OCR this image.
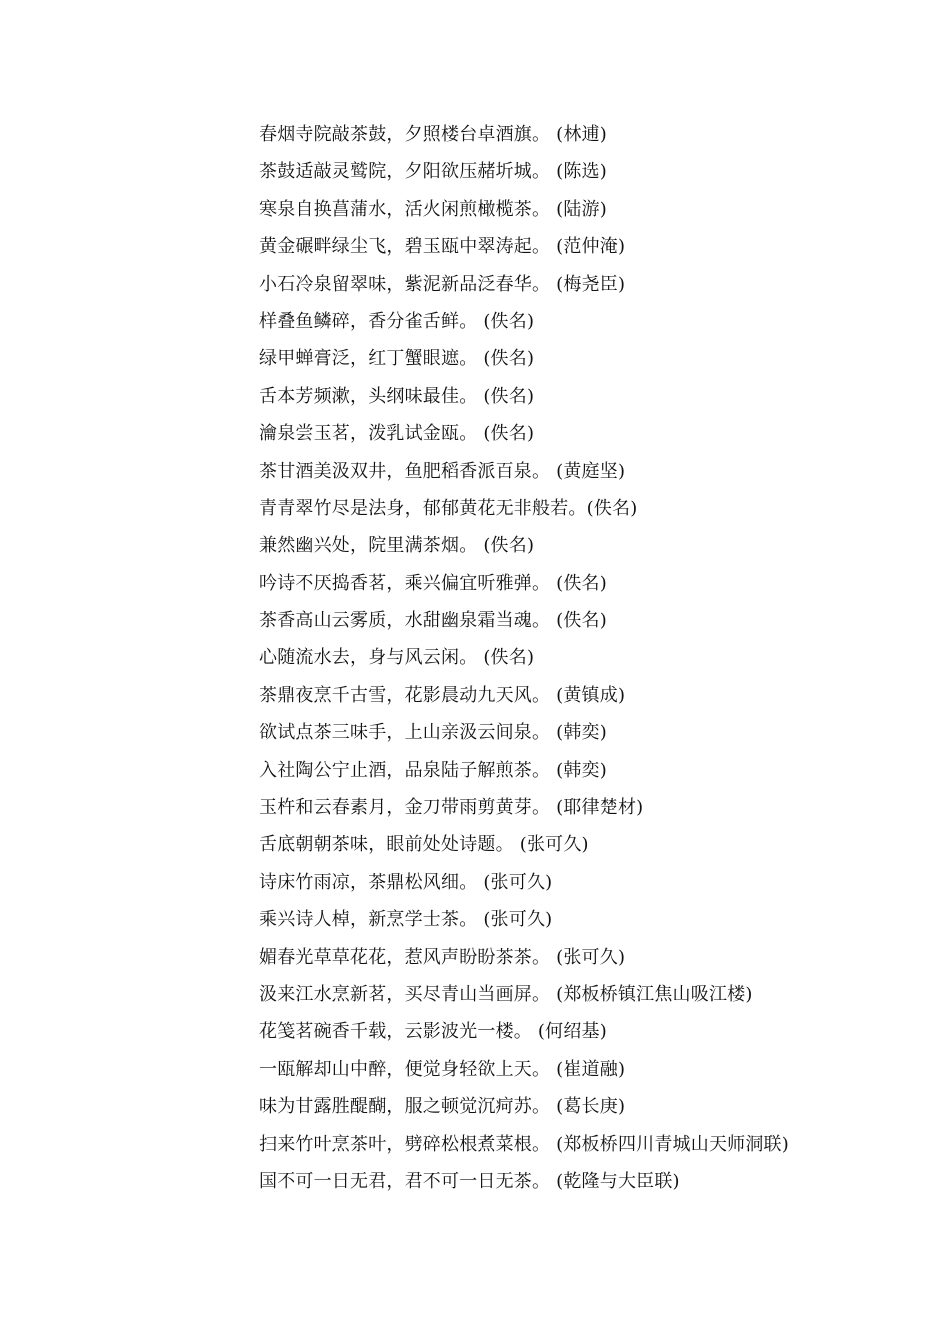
春烟寺院敲茶鼓，夕照楼台卓酒旗。 (林逋)
茶鼓适敲灵鹫院，夕阳欲压赭圻城。 (陈选)
寒泉自换菖蒲水，活火闲煎橄榄茶。 (陆游)
黄金碾畔绿尘飞，碧玉瓯中翠涛起。 (范仲淹)
小石冷泉留翠味，紫泥新品泛春华。 (梅尧臣)
样叠鱼鳞碎，香分雀舌鲜。 (佚名)
绿甲蝉膏泛，红丁蟹眼遮。 (佚名)
舌本芳频漱，头纲味最佳。 (佚名)
瀹泉尝玉茗，泼乳试金瓯。 (佚名)
茶甘酒美汲双井，鱼肥稻香派百泉。 (黄庭坚)
青青翠竹尽是法身，郁郁黄花无非般若。(佚名)
兼然幽兴处，院里满茶烟。 (佚名)
吟诗不厌捣香茗，乘兴偏宜听雅弹。 (佚名)
茶香高山云雾质，水甜幽泉霜当魂。 (佚名)
心随流水去，身与风云闲。 (佚名)
茶鼎夜烹千古雪，花影晨动九天风。 (黄镇成)
欲试点茶三味手，上山亲汲云间泉。 (韩奕)
入社陶公宁止酒，品泉陆子解煎茶。 (韩奕)
玉杵和云春素月，金刀带雨剪黄芽。 (耶律楚材)
舌底朝朝茶味，眼前处处诗题。 (张可久)
诗床竹雨凉，茶鼎松风细。 (张可久)
乘兴诗人棹，新烹学士茶。 (张可久)
媚春光草草花花，惹风声盼盼茶茶。 (张可久)
汲来江水烹新茗，买尽青山当画屏。 (郑板桥镇江焦山吸江楼)
花笺茗碗香千载，云影波光一楼。 (何绍基)
一瓯解却山中醉，便觉身轻欲上天。 (崔道融)
味为甘露胜醍醐，服之顿觉沉疴苏。 (葛长庚)
扫来竹叶烹茶叶，劈碎松根煮菜根。 (郑板桥四川青城山天师洞联)
国不可一日无君，君不可一日无茶。 (乾隆与大臣联)
